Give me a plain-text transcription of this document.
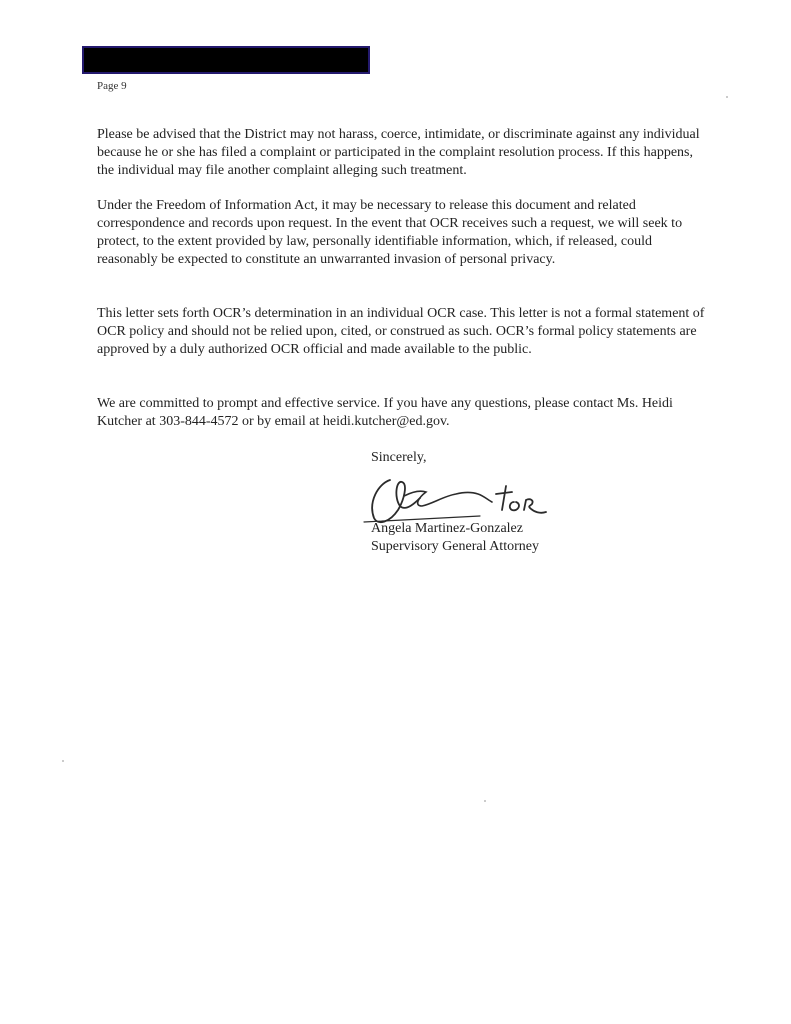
Page 9

Please be advised that the District may not harass, coerce, intimidate, or discriminate against any individual because he or she has filed a complaint or participated in the complaint resolution process. If this happens, the individual may file another complaint alleging such treatment.

Under the Freedom of Information Act, it may be necessary to release this document and related correspondence and records upon request. In the event that OCR receives such a request, we will seek to protect, to the extent provided by law, personally identifiable information, which, if released, could reasonably be expected to constitute an unwarranted invasion of personal privacy.

This letter sets forth OCR’s determination in an individual OCR case. This letter is not a formal statement of OCR policy and should not be relied upon, cited, or construed as such. OCR’s formal policy statements are approved by a duly authorized OCR official and made available to the public.

We are committed to prompt and effective service. If you have any questions, please contact Ms. Heidi Kutcher at 303-844-4572 or by email at heidi.kutcher@ed.gov.

Sincerely,
Angela Martinez-Gonzalez
Supervisory General Attorney
